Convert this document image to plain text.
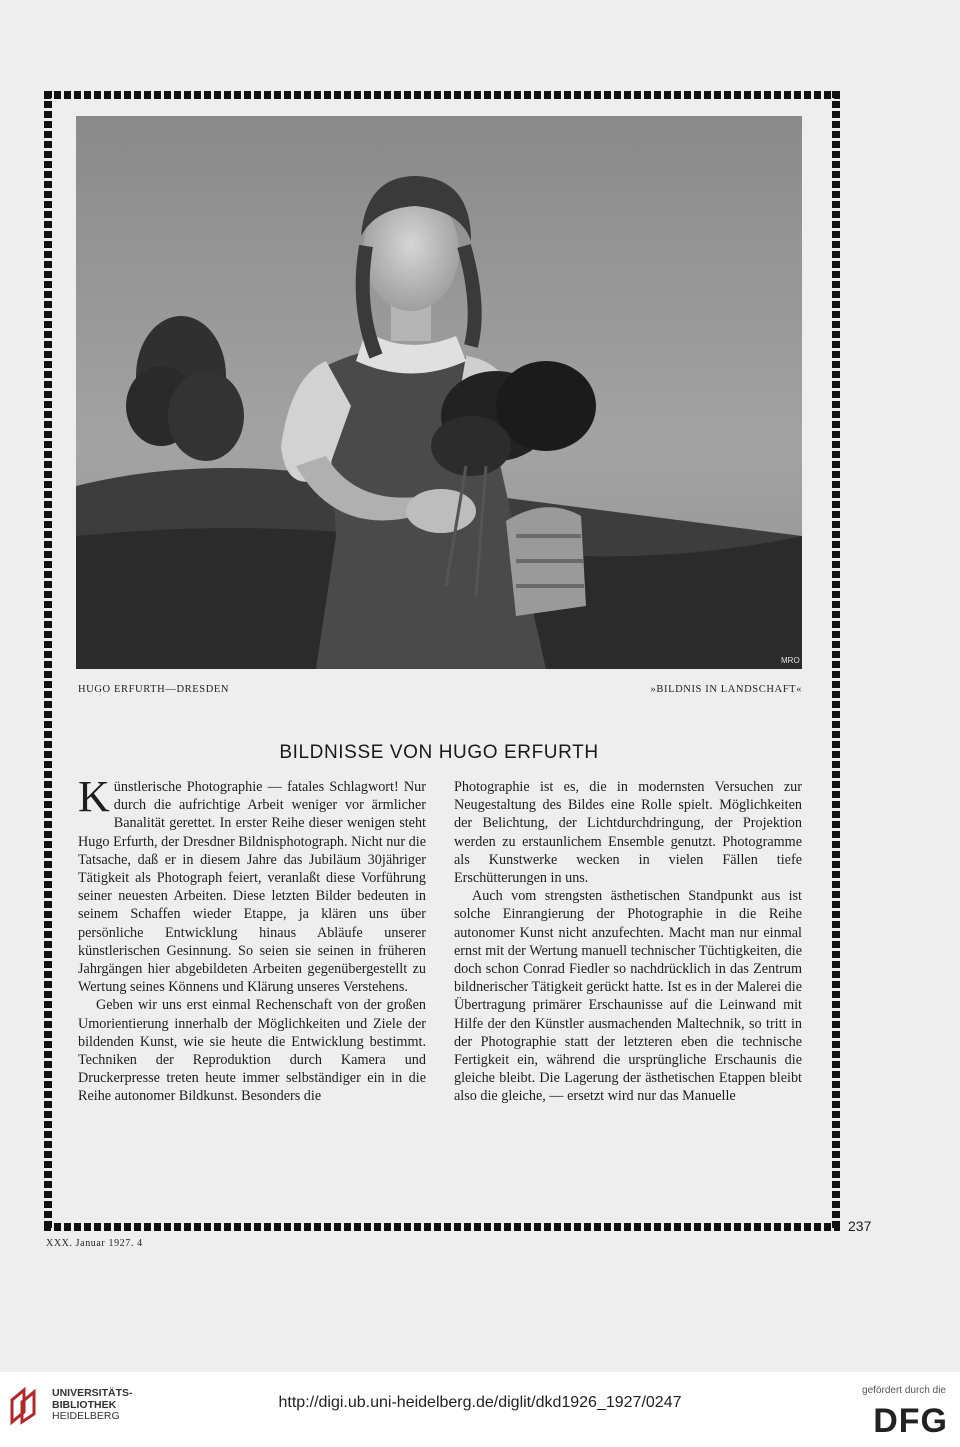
MRO
HUGO ERFURTH—DRESDEN	»BILDNIS IN LANDSCHAFT«
BILDNISSE VON HUGO ERFURTH

Künstlerische Photographie — fatales Schlagwort! Nur durch die aufrichtige Arbeit weniger vor ärmlicher Banalität gerettet. In erster Reihe dieser wenigen steht Hugo Erfurth, der Dresdner Bildnisphotograph. Nicht nur die Tatsache, daß er in diesem Jahre das Jubiläum 30jähriger Tätigkeit als Photograph feiert, veranlaßt diese Vorführung seiner neuesten Arbeiten. Diese letzten Bilder bedeuten in seinem Schaffen wieder Etappe, ja klären uns über persönliche Entwicklung hinaus Abläufe unserer künstlerischen Gesinnung. So seien sie seinen in früheren Jahrgängen hier abgebildeten Arbeiten gegenübergestellt zu Wertung seines Könnens und Klärung unseres Verstehens.

Geben wir uns erst einmal Rechenschaft von der großen Umorientierung innerhalb der Möglichkeiten und Ziele der bildenden Kunst, wie sie heute die Entwicklung bestimmt. Techniken der Reproduktion durch Kamera und Druckerpresse treten heute immer selbständiger ein in die Reihe autonomer Bildkunst. Besonders die

Photographie ist es, die in modernsten Versuchen zur Neugestaltung des Bildes eine Rolle spielt. Möglichkeiten der Belichtung, der Lichtdurchdringung, der Projektion werden zu erstaunlichem Ensemble genutzt. Photogramme als Kunstwerke wecken in vielen Fällen tiefe Erschütterungen in uns.

Auch vom strengsten ästhetischen Standpunkt aus ist solche Einrangierung der Photographie in die Reihe autonomer Kunst nicht anzufechten. Macht man nur einmal ernst mit der Wertung manuell technischer Tüchtigkeiten, die doch schon Conrad Fiedler so nachdrücklich in das Zentrum bildnerischer Tätigkeit gerückt hatte. Ist es in der Malerei die Übertragung primärer Erschaunisse auf die Leinwand mit Hilfe der den Künstler ausmachenden Maltechnik, so tritt in der Photographie statt der letzteren eben die technische Fertigkeit ein, während die ursprüngliche Erschaunis die gleiche bleibt. Die Lagerung der ästhetischen Etappen bleibt also die gleiche, — ersetzt wird nur das Manuelle

237
XXX. Januar 1927. 4
UNIVERSITÄTS-
BIBLIOTHEK
HEIDELBERG
http://digi.ub.uni-heidelberg.de/diglit/dkd1926_1927/0247
gefördert durch die
DFG
